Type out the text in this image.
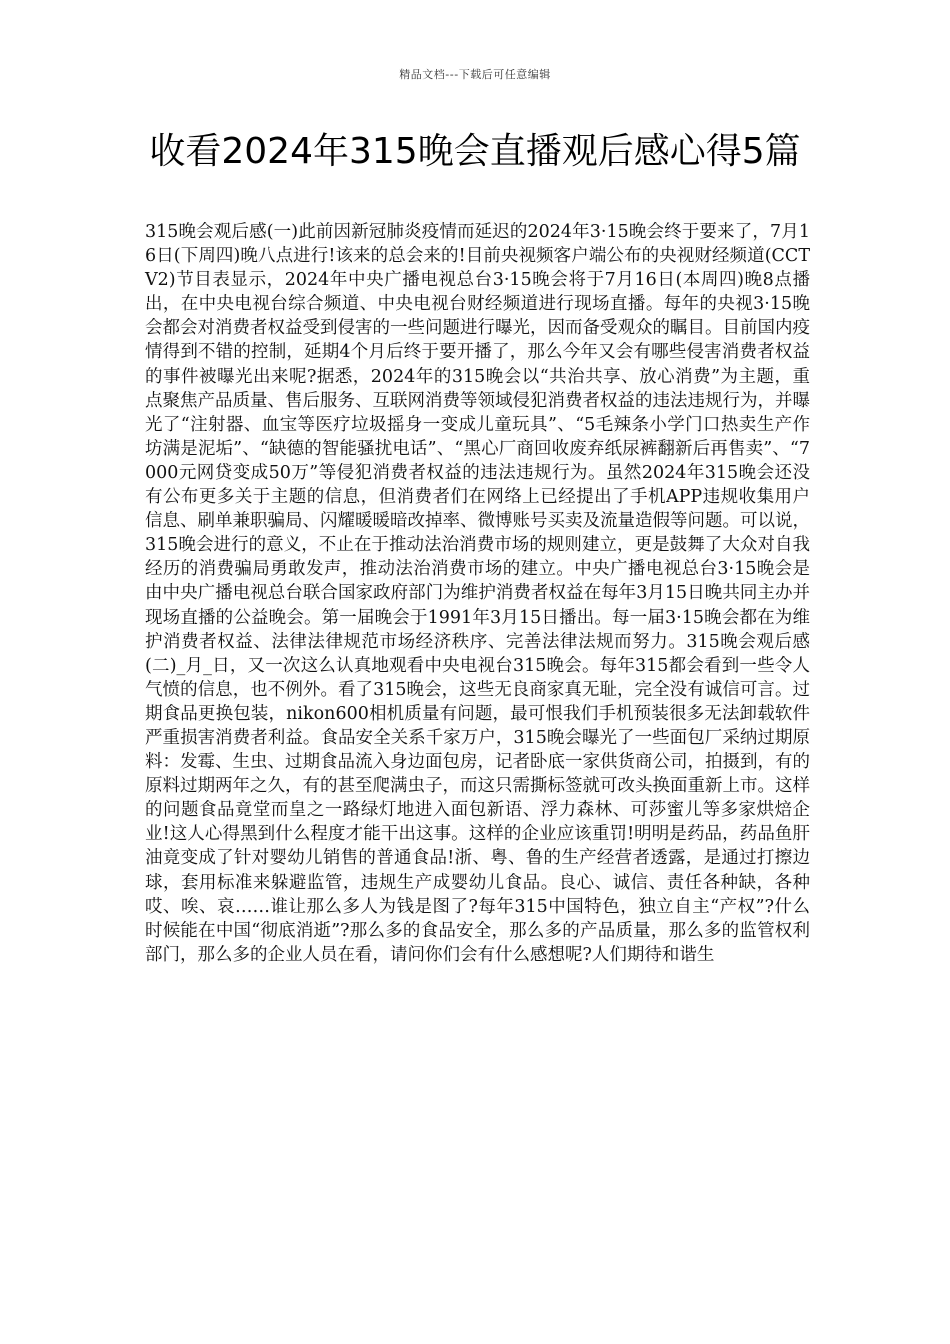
精品文档---下载后可任意编辑
收看2024年315晚会直播观后感心得5篇

315晚会观后感(一)此前因新冠肺炎疫情而延迟的2024年3·15晚会终于要来了，7月16日(下周四)晚八点进行!该来的总会来的!目前央视频客户端公布的央视财经频道(CCTV2)节目表显示，2024年中央广播电视总台3·15晚会将于7月16日(本周四)晚8点播出，在中央电视台综合频道、中央电视台财经频道进行现场直播。每年的央视3·15晚会都会对消费者权益受到侵害的一些问题进行曝光，因而备受观众的瞩目。目前国内疫情得到不错的控制，延期4个月后终于要开播了，那么今年又会有哪些侵害消费者权益的事件被曝光出来呢?据悉，2024年的315晚会以“共治共享、放心消费”为主题，重点聚焦产品质量、售后服务、互联网消费等领域侵犯消费者权益的违法违规行为，并曝光了“注射器、血宝等医疗垃圾摇身一变成儿童玩具”、“5毛辣条小学门口热卖生产作坊满是泥垢”、“缺德的智能骚扰电话”、“黑心厂商回收废弃纸尿裤翻新后再售卖”、“7000元网贷变成50万”等侵犯消费者权益的违法违规行为。虽然2024年315晚会还没有公布更多关于主题的信息，但消费者们在网络上已经提出了手机APP违规收集用户信息、刷单兼职骗局、闪耀暖暖暗改掉率、微博账号买卖及流量造假等问题。可以说，315晚会进行的意义，不止在于推动法治消费市场的规则建立，更是鼓舞了大众对自我经历的消费骗局勇敢发声，推动法治消费市场的建立。中央广播电视总台3·15晚会是由中央广播电视总台联合国家政府部门为维护消费者权益在每年3月15日晚共同主办并现场直播的公益晚会。第一届晚会于1991年3月15日播出。每一届3·15晚会都在为维护消费者权益、法律法律规范市场经济秩序、完善法律法规而努力。315晚会观后感(二)_月_日，又一次这么认真地观看中央电视台315晚会。每年315都会看到一些令人气愤的信息，也不例外。看了315晚会，这些无良商家真无耻，完全没有诚信可言。过期食品更换包装，nikon600相机质量有问题，最可恨我们手机预装很多无法卸载软件严重损害消费者利益。食品安全关系千家万户，315晚会曝光了一些面包厂采纳过期原料：发霉、生虫、过期食品流入身边面包房，记者卧底一家供货商公司，拍摄到，有的原料过期两年之久，有的甚至爬满虫子，而这只需撕标签就可改头换面重新上市。这样的问题食品竟堂而皇之一路绿灯地进入面包新语、浮力森林、可莎蜜儿等多家烘焙企业!这人心得黑到什么程度才能干出这事。这样的企业应该重罚!明明是药品，药品鱼肝油竟变成了针对婴幼儿销售的普通食品!浙、粤、鲁的生产经营者透露，是通过打擦边球，套用标准来躲避监管，违规生产成婴幼儿食品。良心、诚信、责任各种缺，各种哎、唉、哀……谁让那么多人为钱是图了?每年315中国特色，独立自主“产权”?什么时候能在中国“彻底消逝”?那么多的食品安全，那么多的产品质量，那么多的监管权利部门，那么多的企业人员在看，请问你们会有什么感想呢?人们期待和谐生
